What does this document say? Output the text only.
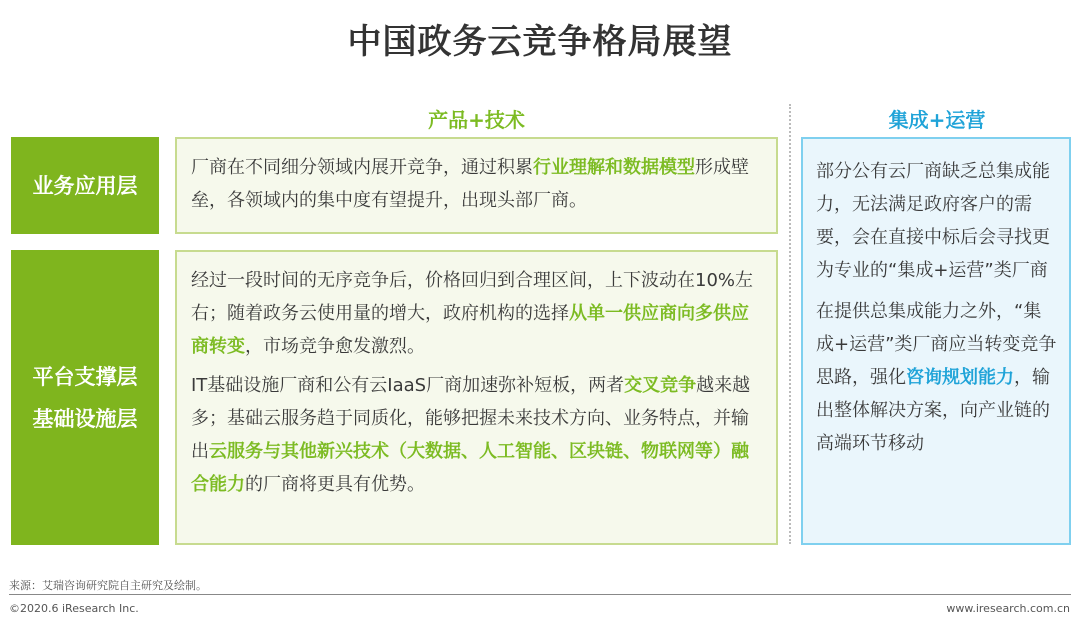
中国政务云竞争格局展望
产品+技术	集成+运营
业务应用层
平台支撑层
基础设施层
厂商在不同细分领域内展开竞争，通过积累行业理解和数据模型形成壁垒，各领域内的集中度有望提升，出现头部厂商。
经过一段时间的无序竞争后，价格回归到合理区间，上下波动在10%左右；随着政务云使用量的增大，政府机构的选择从单一供应商向多供应商转变，市场竞争愈发激烈。
IT基础设施厂商和公有云IaaS厂商加速弥补短板，两者交叉竞争越来越多；基础云服务趋于同质化，能够把握未来技术方向、业务特点，并输出云服务与其他新兴技术（大数据、人工智能、区块链、物联网等）融合能力的厂商将更具有优势。
部分公有云厂商缺乏总集成能力，无法满足政府客户的需要，会在直接中标后会寻找更为专业的“集成+运营”类厂商
在提供总集成能力之外，“集成+运营”类厂商应当转变竞争思路，强化咨询规划能力，输出整体解决方案，向产业链的高端环节移动
来源：艾瑞咨询研究院自主研究及绘制。
©2020.6 iResearch Inc.	www.iresearch.com.cn
